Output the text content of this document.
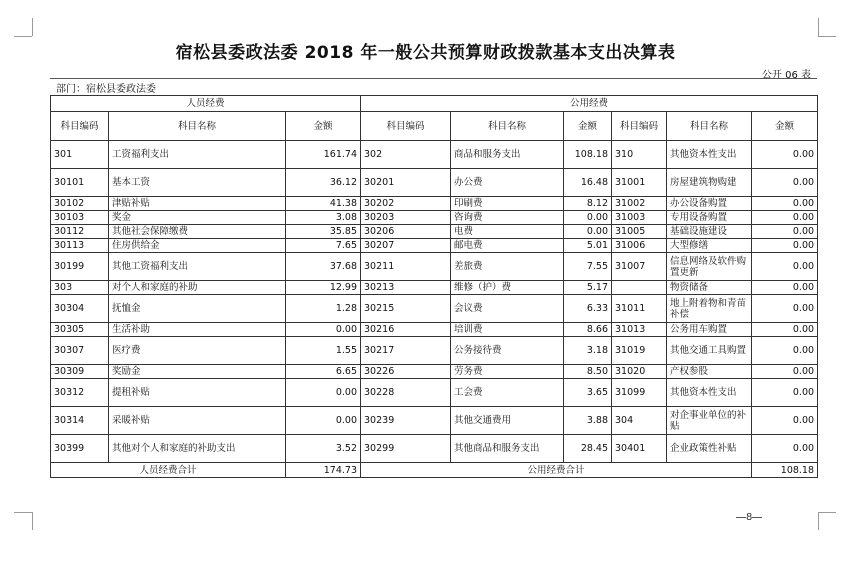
宿松县委政法委 2018 年一般公共预算财政拨款基本支出决算表
公开 06 表
部门：宿松县委政法委
人员经费			公用经费					
科目编码	科目名称	金额	科目编码	科目名称	金额	科目编码	科目名称	金额
301	工资福利支出	161.74	302	商品和服务支出	108.18	310	其他资本性支出	0.00
30101	基本工资	36.12	30201	办公费	16.48	31001	房屋建筑物购建	0.00
30102	津贴补贴	41.38	30202	印刷费	8.12	31002	办公设备购置	0.00
30103	奖金	3.08	30203	咨询费	0.00	31003	专用设备购置	0.00
30112	其他社会保障缴费	35.85	30206	电费	0.00	31005	基础设施建设	0.00
30113	住房供给金	7.65	30207	邮电费	5.01	31006	大型修缮	0.00
30199	其他工资福利支出	37.68	30211	差旅费	7.55	31007	信息网络及软件购置更新	0.00
303	对个人和家庭的补助	12.99	30213	维修（护）费	5.17		物资储备	0.00
30304	抚恤金	1.28	30215	会议费	6.33	31011	地上附着物和青苗补偿	0.00
30305	生活补助	0.00	30216	培训费	8.66	31013	公务用车购置	0.00
30307	医疗费	1.55	30217	公务接待费	3.18	31019	其他交通工具购置	0.00
30309	奖励金	6.65	30226	劳务费	8.50	31020	产权参股	0.00
30312	提租补贴	0.00	30228	工会费	3.65	31099	其他资本性支出	0.00
30314	采暖补贴	0.00	30239	其他交通费用	3.88	304	对企事业单位的补贴	0.00
30399	其他对个人和家庭的补助支出	3.52	30299	其他商品和服务支出	28.45	30401	企业政策性补贴	0.00
人员经费合计		174.73	公用经费合计					108.18
8
